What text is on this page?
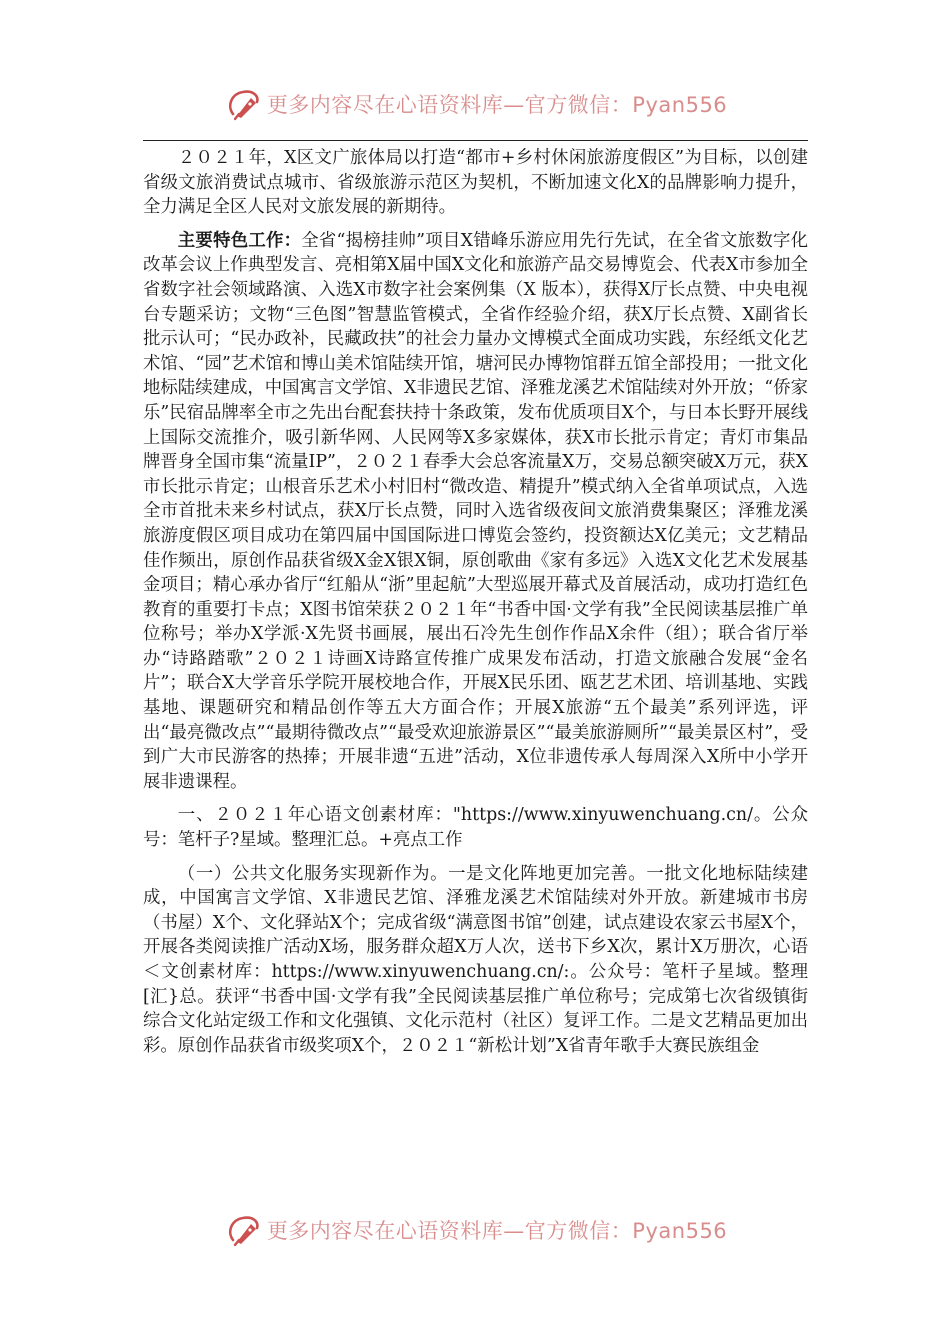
更多内容尽在心语资料库—官方微信：Pyan556

２０２１年，X区文广旅体局以打造“都市+乡村休闲旅游度假区”为目标，以创建省级文旅消费试点城市、省级旅游示范区为契机，不断加速文化X的品牌影响力提升，全力满足全区人民对文旅发展的新期待。

主要特色工作：全省“揭榜挂帅”项目X错峰乐游应用先行先试，在全省文旅数字化改革会议上作典型发言、亮相第X届中国X文化和旅游产品交易博览会、代表X市参加全省数字社会领域路演、入选X市数字社会案例集（X 版本），获得X厅长点赞、中央电视台专题采访；文物“三色图”智慧监管模式，全省作经验介绍，获X厅长点赞、X副省长批示认可；“民办政补，民藏政扶”的社会力量办文博模式全面成功实践，东经纸文化艺术馆、“园”艺术馆和博山美术馆陆续开馆，塘河民办博物馆群五馆全部投用；一批文化地标陆续建成，中国寓言文学馆、X非遗民艺馆、泽雅龙溪艺术馆陆续对外开放；“侨家乐”民宿品牌率全市之先出台配套扶持十条政策，发布优质项目X个，与日本长野开展线上国际交流推介，吸引新华网、人民网等X多家媒体，获X市长批示肯定；青灯市集品牌晋身全国市集“流量IP”，２０２１春季大会总客流量X万，交易总额突破X万元，获X市长批示肯定；山根音乐艺术小村旧村“微改造、精提升”模式纳入全省单项试点，入选全市首批未来乡村试点，获X厅长点赞，同时入选省级夜间文旅消费集聚区；泽雅龙溪旅游度假区项目成功在第四届中国国际进口博览会签约，投资额达X亿美元；文艺精品佳作频出，原创作品获省级X金X银X铜，原创歌曲《家有多远》入选X文化艺术发展基金项目；精心承办省厅“红船从“浙”里起航”大型巡展开幕式及首展活动，成功打造红色教育的重要打卡点；X图书馆荣获２０２１年“书香中国·文学有我”全民阅读基层推广单位称号；举办X学派·X先贤书画展，展出石冷先生创作作品X余件（组）；联合省厅举办“诗路踏歌”２０２１诗画X诗路宣传推广成果发布活动，打造文旅融合发展“金名片”；联合X大学音乐学院开展校地合作，开展X民乐团、瓯艺艺术团、培训基地、实践基地、课题研究和精品创作等五大方面合作；开展X旅游“五个最美”系列评选，评出“最亮微改点”“最期待微改点”“最受欢迎旅游景区”“最美旅游厕所”“最美景区村”，受到广大市民游客的热捧；开展非遗“五进”活动，X位非遗传承人每周深入X所中小学开展非遗课程。

一、２０２１年心语文创素材库："https://www.xinyuwenchuang.cn/。公众号：笔杆子?星域。整理汇总。+亮点工作

（一）公共文化服务实现新作为。一是文化阵地更加完善。一批文化地标陆续建成，中国寓言文学馆、X非遗民艺馆、泽雅龙溪艺术馆陆续对外开放。新建城市书房（书屋）X个、文化驿站X个；完成省级“满意图书馆”创建，试点建设农家云书屋X个，开展各类阅读推广活动X场，服务群众超X万人次，送书下乡X次，累计X万册次，心语＜文创素材库：https://www.xinyuwenchuang.cn/:。公众号：笔杆子星域。整理[汇}总。获评“书香中国·文学有我”全民阅读基层推广单位称号；完成第七次省级镇街综合文化站定级工作和文化强镇、文化示范村（社区）复评工作。二是文艺精品更加出彩。原创作品获省市级奖项X个，２０２１“新松计划”X省青年歌手大赛民族组金

更多内容尽在心语资料库—官方微信：Pyan556
